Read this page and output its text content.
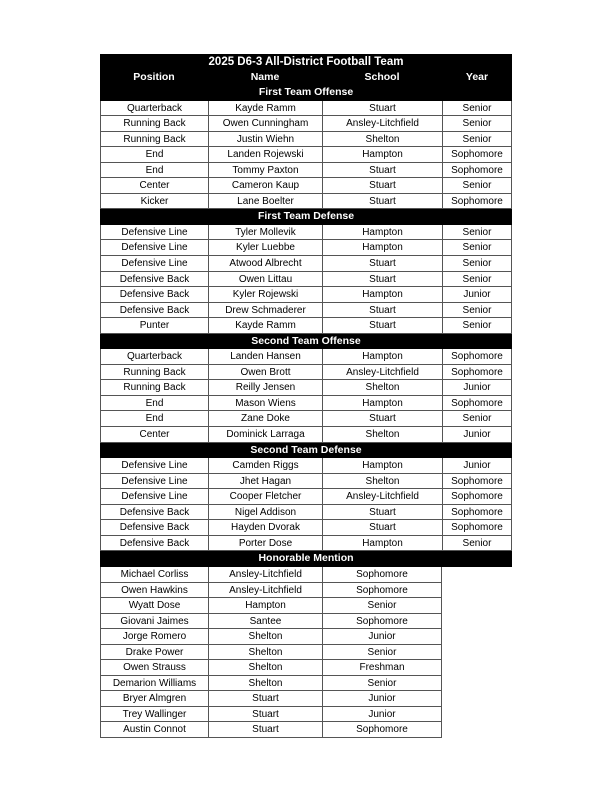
2025 D6-3 All-District Football Team
Position	Name	School	Year
First Team Offense
Quarterback	Kayde Ramm	Stuart	Senior
Running Back	Owen Cunningham	Ansley-Litchfield	Senior
Running Back	Justin Wiehn	Shelton	Senior
End	Landen Rojewski	Hampton	Sophomore
End	Tommy Paxton	Stuart	Sophomore
Center	Cameron Kaup	Stuart	Senior
Kicker	Lane Boelter	Stuart	Sophomore
First Team Defense
Defensive Line	Tyler Mollevik	Hampton	Senior
Defensive Line	Kyler Luebbe	Hampton	Senior
Defensive Line	Atwood Albrecht	Stuart	Senior
Defensive Back	Owen Littau	Stuart	Senior
Defensive Back	Kyler Rojewski	Hampton	Junior
Defensive Back	Drew Schmaderer	Stuart	Senior
Punter	Kayde Ramm	Stuart	Senior
Second Team Offense
Quarterback	Landen Hansen	Hampton	Sophomore
Running Back	Owen Brott	Ansley-Litchfield	Sophomore
Running Back	Reilly Jensen	Shelton	Junior
End	Mason Wiens	Hampton	Sophomore
End	Zane Doke	Stuart	Senior
Center	Dominick Larraga	Shelton	Junior
Second Team Defense
Defensive Line	Camden Riggs	Hampton	Junior
Defensive Line	Jhet Hagan	Shelton	Sophomore
Defensive Line	Cooper Fletcher	Ansley-Litchfield	Sophomore
Defensive Back	Nigel Addison	Stuart	Sophomore
Defensive Back	Hayden Dvorak	Stuart	Sophomore
Defensive Back	Porter Dose	Hampton	Senior
Honorable Mention
Michael Corliss	Ansley-Litchfield	Sophomore
Owen Hawkins	Ansley-Litchfield	Sophomore
Wyatt Dose	Hampton	Senior
Giovani Jaimes	Santee	Sophomore
Jorge Romero	Shelton	Junior
Drake Power	Shelton	Senior
Owen Strauss	Shelton	Freshman
Demarion Williams	Shelton	Senior
Bryer Almgren	Stuart	Junior
Trey Wallinger	Stuart	Junior
Austin Connot	Stuart	Sophomore
